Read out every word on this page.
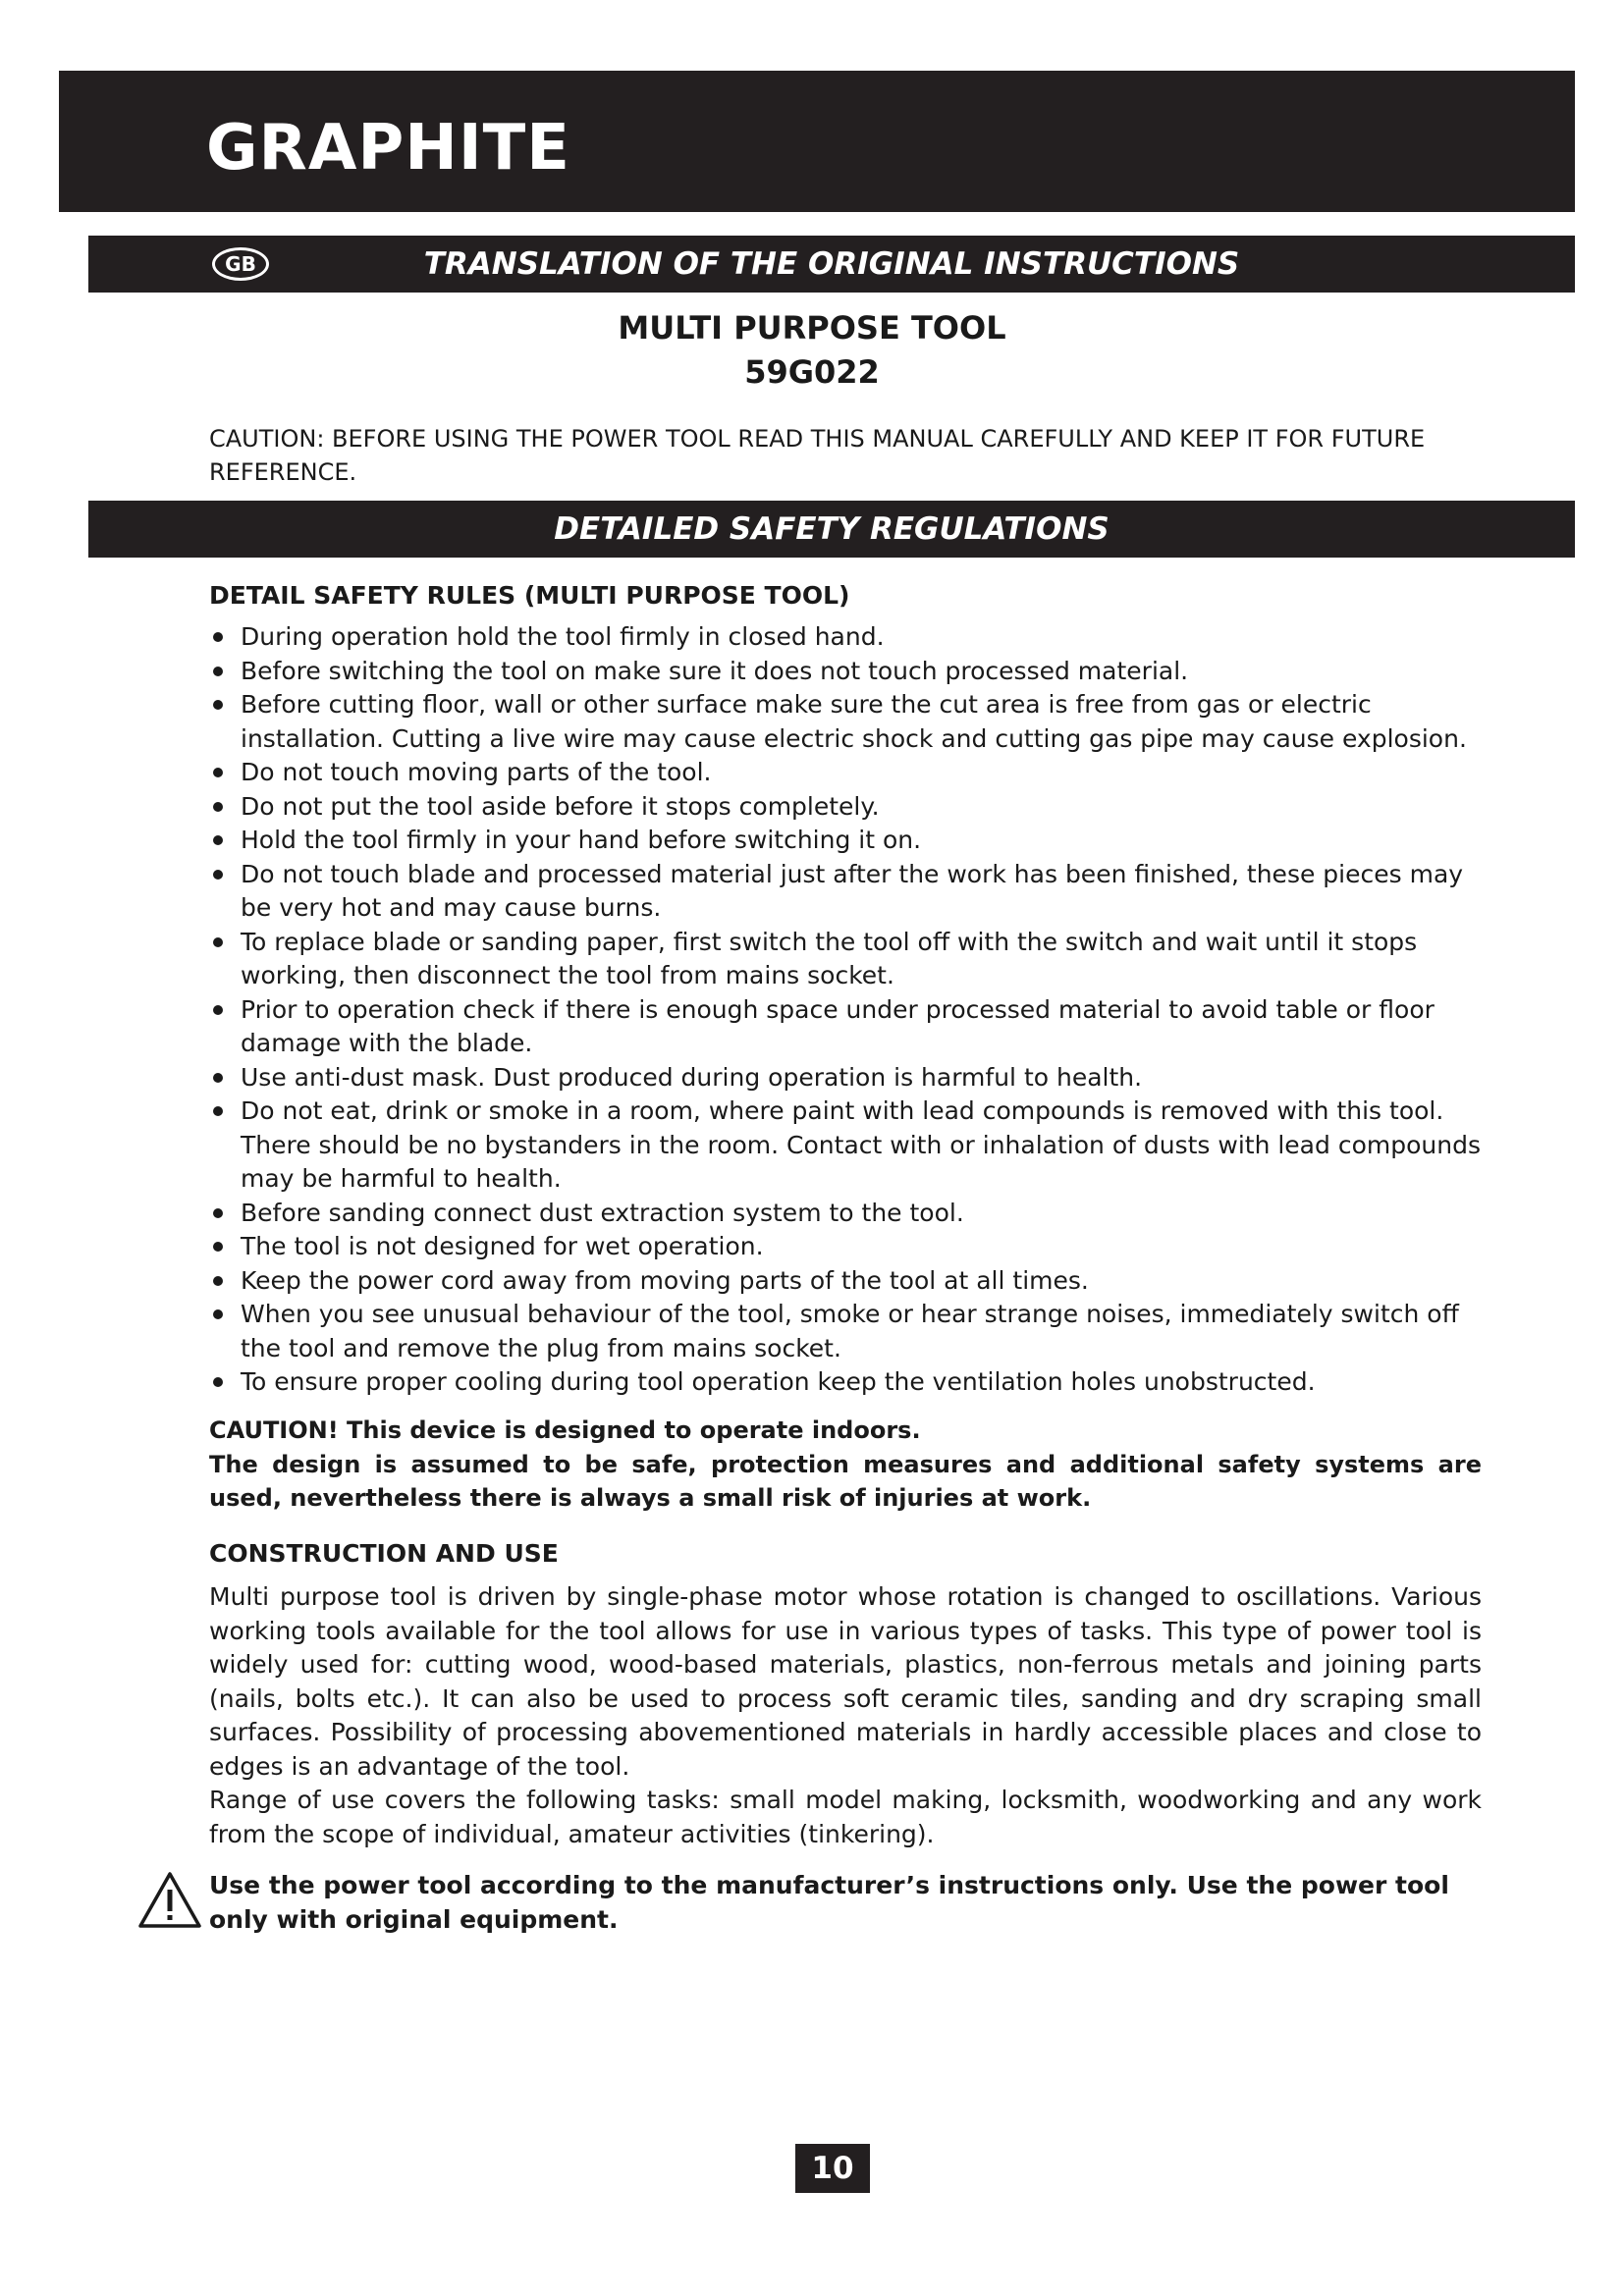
GRAPHITE
GB	TRANSLATION OF THE ORIGINAL INSTRUCTIONS
MULTI PURPOSE TOOL
59G022

CAUTION: BEFORE USING THE POWER TOOL READ THIS MANUAL CAREFULLY AND KEEP IT FOR FUTURE REFERENCE.

DETAILED SAFETY REGULATIONS
DETAIL SAFETY RULES (MULTI PURPOSE TOOL)
During operation hold the tool firmly in closed hand.
Before switching the tool on make sure it does not touch processed material.
Before cutting floor, wall or other surface make sure the cut area is free from gas or electric installation. Cutting a live wire may cause electric shock and cutting gas pipe may cause explosion.
Do not touch moving parts of the tool.
Do not put the tool aside before it stops completely.
Hold the tool firmly in your hand before switching it on.
Do not touch blade and processed material just after the work has been finished, these pieces may be very hot and may cause burns.
To replace blade or sanding paper, first switch the tool off with the switch and wait until it stops working, then disconnect the tool from mains socket.
Prior to operation check if there is enough space under processed material to avoid table or floor damage with the blade.
Use anti-dust mask. Dust produced during operation is harmful to health.
Do not eat, drink or smoke in a room, where paint with lead compounds is removed with this tool. There should be no bystanders in the room. Contact with or inhalation of dusts with lead compounds may be harmful to health.
Before sanding connect dust extraction system to the tool.
The tool is not designed for wet operation.
Keep the power cord away from moving parts of the tool at all times.
When you see unusual behaviour of the tool, smoke or hear strange noises, immediately switch off the tool and remove the plug from mains socket.
To ensure proper cooling during tool operation keep the ventilation holes unobstructed.
CAUTION! This device is designed to operate indoors.
The design is assumed to be safe, protection measures and additional safety systems are used, nevertheless there is always a small risk of injuries at work.
CONSTRUCTION AND USE

Multi purpose tool is driven by single-phase motor whose rotation is changed to oscillations. Various working tools available for the tool allows for use in various types of tasks. This type of power tool is widely used for: cutting wood, wood-based materials, plastics, non-ferrous metals and joining parts (nails, bolts etc.). It can also be used to process soft ceramic tiles, sanding and dry scraping small surfaces. Possibility of processing abovementioned materials in hardly accessible places and close to edges is an advantage of the tool.

Range of use covers the following tasks: small model making, locksmith, woodworking and any work from the scope of individual, amateur activities (tinkering).

Use the power tool according to the manufacturer’s instructions only. Use the power tool only with original equipment.

10
